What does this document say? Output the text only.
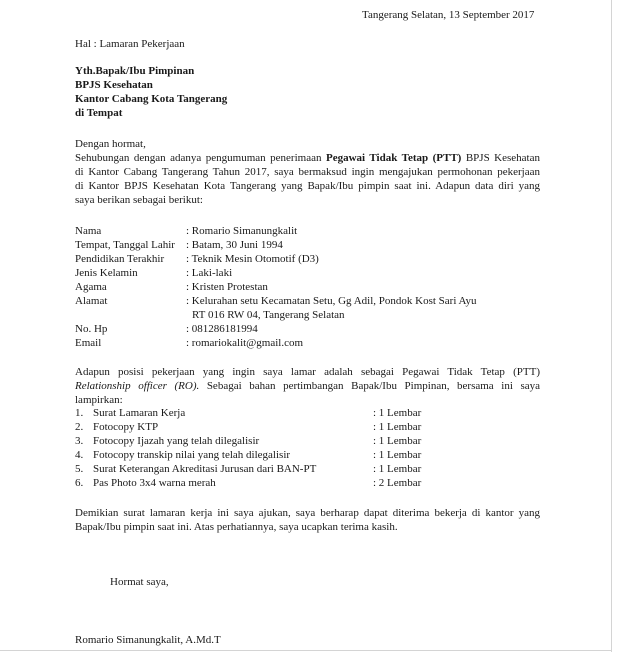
Tangerang Selatan, 13 September 2017
Hal : Lamaran Pekerjaan
Yth.Bapak/Ibu Pimpinan
BPJS Kesehatan
Kantor Cabang Kota Tangerang
di Tempat
Dengan hormat,
Sehubungan dengan adanya pengumuman penerimaan Pegawai Tidak Tetap (PTT) BPJS Kesehatan
di Kantor Cabang Tangerang Tahun 2017, saya bermaksud ingin mengajukan permohonan pekerjaan
di Kantor BPJS Kesehatan Kota Tangerang yang Bapak/Ibu pimpin saat ini. Adapun data diri yang
saya berikan sebagai berikut:
Nama	: Romario Simanungkalit
Tempat, Tanggal Lahir : Batam, 30 Juni 1994
Pendidikan Terakhir : Teknik Mesin Otomotif (D3)
Jenis Kelamin	: Laki-laki
Agama	: Kristen Protestan
Alamat	: Kelurahan setu Kecamatan Setu, Gg Adil, Pondok Kost Sari Ayu
RT 016 RW 04, Tangerang Selatan
No. Hp	: 081286181994
Email	: romariokalit@gmail.com
Adapun posisi pekerjaan yang ingin saya lamar adalah sebagai Pegawai Tidak Tetap (PTT)
Relationship officer (RO). Sebagai bahan pertimbangan Bapak/Ibu Pimpinan, bersama ini saya
lampirkan:
1. Surat Lamaran Kerja	: 1 Lembar
2. Fotocopy KTP	: 1 Lembar
3. Fotocopy Ijazah yang telah dilegalisir	: 1 Lembar
4. Fotocopy transkip nilai yang telah dilegalisir	: 1 Lembar
5. Surat Keterangan Akreditasi Jurusan dari BAN-PT	: 1 Lembar
6. Pas Photo 3x4 warna merah	: 2 Lembar
Demikian surat lamaran kerja ini saya ajukan, saya berharap dapat diterima bekerja di kantor yang
Bapak/Ibu pimpin saat ini. Atas perhatiannya, saya ucapkan terima kasih.
Hormat saya,
Romario Simanungkalit, A.Md.T
